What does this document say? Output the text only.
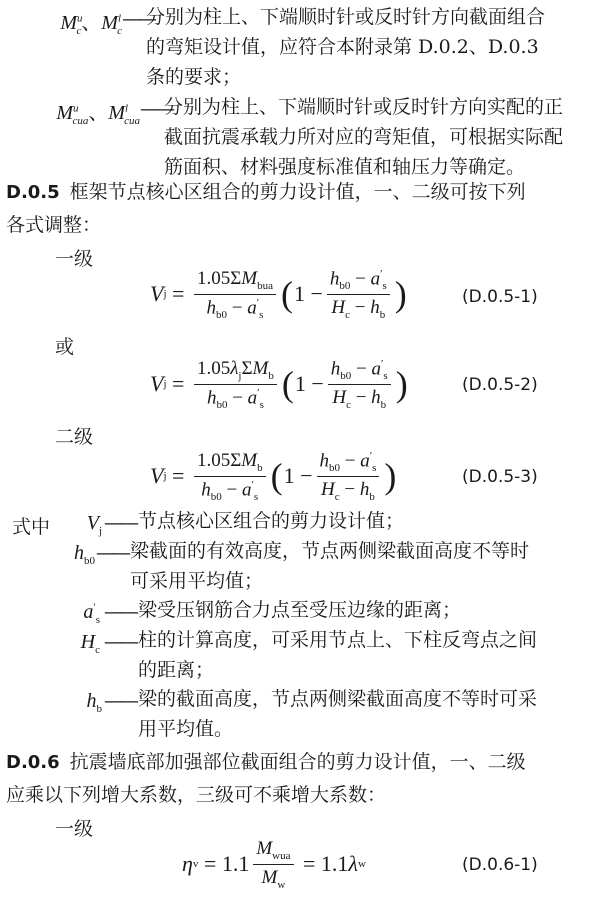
$M^u_c$、$M^l_c$
——
分别为柱上、下端顺时针或反时针方向截面组合
的弯矩设计值，应符合本附录第 D.0.2、D.0.3
条的要求；
$M^u_{cua}$、$M^l_{cua}$
——
分别为柱上、下端顺时针或反时针方向实配的正
截面抗震承载力所对应的弯矩值，可根据实际配
筋面积、材料强度标准值和轴压力等确定。
D.0.5 框架节点核心区组合的剪力设计值，一、二级可按下列
各式调整：
一级
V $j = \frac{1.05\Sigma M_{bua}}{h_{b0} - a'_s}$ ( $1 - \frac{h_{b0} - a'_s}{H_c - h_b}$ )	(D.0.5-1)
或
V $j = \frac{1.05\lambda_j\Sigma M_b}{h_{b0} - a'_s}$ ( $1 - \frac{h_{b0} - a'_s}{H_c - h_b}$ )	(D.0.5-2)
二级
V $j = \frac{1.05\Sigma M_b}{h_{b0} - a'_s}$ ( $1 - \frac{h_{b0} - a'_s}{H_c - h_b}$ )	(D.0.5-3)
式中	$V_j$ —— 节点核心区组合的剪力设计值；
$h_{b0}$ —— 梁截面的有效高度，节点两侧梁截面高度不等时
可采用平均值；
$a'_s$ —— 梁受压钢筋合力点至受压边缘的距离；
$H_c$ —— 柱的计算高度，可采用节点上、下柱反弯点之间
的距离；
$h_b$ —— 梁的截面高度，节点两侧梁截面高度不等时可采
用平均值。
D.0.6 抗震墙底部加强部位截面组合的剪力设计值，一、二级
应乘以下列增大系数，三级可不乘增大系数：
一级
η $v = 1.1 \frac{M_{wua}}{M_w} = 1.1$ λ w	(D.0.6-1)
